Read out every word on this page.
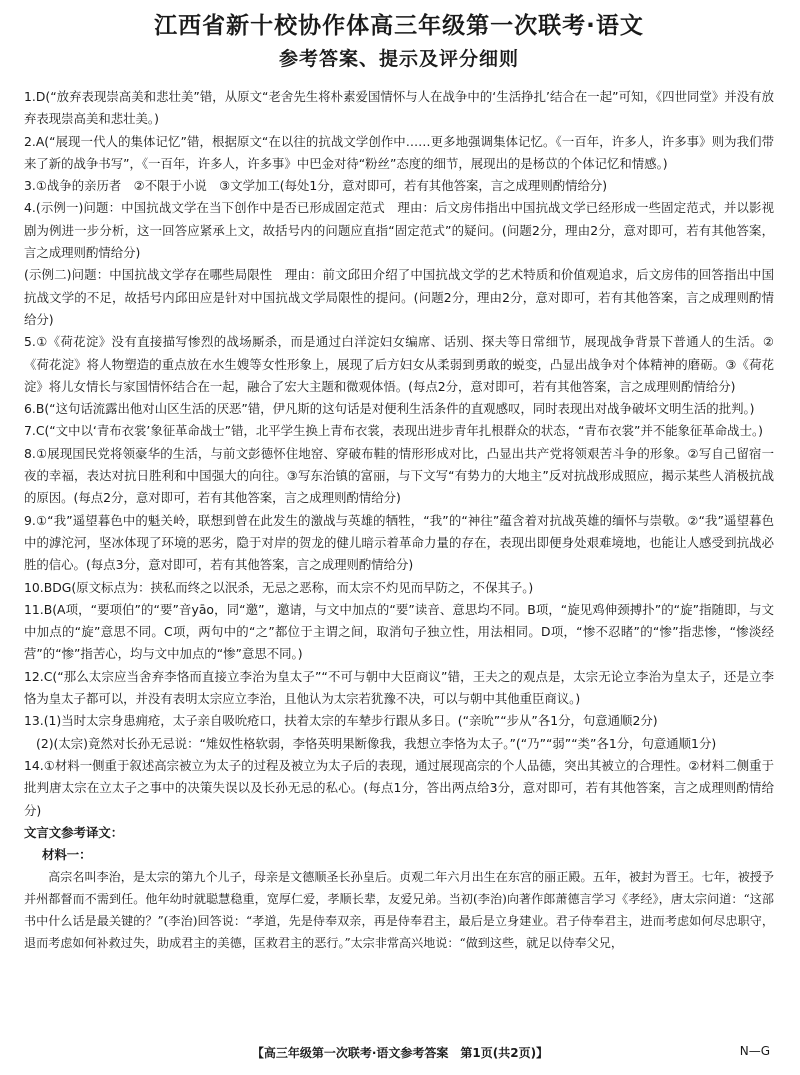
江西省新十校协作体高三年级第一次联考·语文
参考答案、提示及评分细则

1.D(“放弃表现崇高美和悲壮美”错，从原文“老舍先生将朴素爱国情怀与人在战争中的‘生活挣扎’结合在一起”可知，《四世同堂》并没有放弃表现崇高美和悲壮美。)

2.A(“展现一代人的集体记忆”错，根据原文“在以往的抗战文学创作中……更多地强调集体记忆。《一百年，许多人，许多事》则为我们带来了新的战争书写”，《一百年，许多人，许多事》中巴金对待“粉丝”态度的细节，展现出的是杨苡的个体记忆和情感。)

3.①战争的亲历者　②不限于小说　③文学加工(每处1分，意对即可，若有其他答案，言之成理则酌情给分)

4.(示例一)问题：中国抗战文学在当下创作中是否已形成固定范式　理由：后文房伟指出中国抗战文学已经形成一些固定范式，并以影视剧为例进一步分析，这一回答应紧承上文，故括号内的问题应直指“固定范式”的疑问。(问题2分，理由2分，意对即可，若有其他答案，言之成理则酌情给分)

(示例二)问题：中国抗战文学存在哪些局限性　理由：前文邱田介绍了中国抗战文学的艺术特质和价值观追求，后文房伟的回答指出中国抗战文学的不足，故括号内邱田应是针对中国抗战文学局限性的提问。(问题2分，理由2分，意对即可，若有其他答案，言之成理则酌情给分)

5.①《荷花淀》没有直接描写惨烈的战场厮杀，而是通过白洋淀妇女编席、话别、探夫等日常细节，展现战争背景下普通人的生活。②《荷花淀》将人物塑造的重点放在水生嫂等女性形象上，展现了后方妇女从柔弱到勇敢的蜕变，凸显出战争对个体精神的磨砺。③《荷花淀》将儿女情长与家国情怀结合在一起，融合了宏大主题和微观体悟。(每点2分，意对即可，若有其他答案，言之成理则酌情给分)

6.B(“这句话流露出他对山区生活的厌恶”错，伊凡斯的这句话是对便利生活条件的直观感叹，同时表现出对战争破坏文明生活的批判。)

7.C(“文中以‘青布衣裳’象征革命战士”错，北平学生换上青布衣裳，表现出进步青年扎根群众的状态，“青布衣裳”并不能象征革命战士。)

8.①展现国民党将领豪华的生活，与前文彭德怀住地窑、穿破布鞋的情形形成对比，凸显出共产党将领艰苦斗争的形象。②写自己留宿一夜的幸福，表达对抗日胜利和中国强大的向往。③写东治镇的富丽，与下文写“有势力的大地主”反对抗战形成照应，揭示某些人消极抗战的原因。(每点2分，意对即可，若有其他答案，言之成理则酌情给分)

9.①“我”遥望暮色中的魁关岭，联想到曾在此发生的激战与英雄的牺牲，“我”的“神往”蕴含着对抗战英雄的缅怀与崇敬。②“我”遥望暮色中的滹沱河，坚冰体现了环境的恶劣，隐于对岸的贺龙的健儿暗示着革命力量的存在，表现出即便身处艰难境地，也能让人感受到抗战必胜的信心。(每点3分，意对即可，若有其他答案，言之成理则酌情给分)

10.BDG(原文标点为：挟私而终之以泯杀，无忌之恶称，而太宗不灼见而早防之，不保其子。)

11.B(A项，“要项伯”的“要”音yāo，同“邀”，邀请，与文中加点的“要”读音、意思均不同。B项，“旋见鸡伸颈搏扑”的“旋”指随即，与文中加点的“旋”意思不同。C项，两句中的“之”都位于主谓之间，取消句子独立性，用法相同。D项，“惨不忍睹”的“惨”指悲惨，“惨淡经营”的“惨”指苦心，均与文中加点的“惨”意思不同。)

12.C(“那么太宗应当舍弃李恪而直接立李治为皇太子”“不可与朝中大臣商议”错，王夫之的观点是，太宗无论立李治为皇太子，还是立李恪为皇太子都可以，并没有表明太宗应立李治，且他认为太宗若犹豫不决，可以与朝中其他重臣商议。)

13.(1)当时太宗身患痈疮，太子亲自吸吮疮口，扶着太宗的车辇步行跟从多日。(“亲吮”“步从”各1分，句意通顺2分)

(2)(太宗)竟然对长孙无忌说：“雉奴性格软弱，李恪英明果断像我，我想立李恪为太子。”(“乃”“弱”“类”各1分，句意通顺1分)

14.①材料一侧重于叙述高宗被立为太子的过程及被立为太子后的表现，通过展现高宗的个人品德，突出其被立的合理性。②材料二侧重于批判唐太宗在立太子之事中的决策失误以及长孙无忌的私心。(每点1分，答出两点给3分，意对即可，若有其他答案，言之成理则酌情给分)

文言文参考译文：

材料一：

高宗名叫李治，是太宗的第九个儿子，母亲是文德顺圣长孙皇后。贞观二年六月出生在东宫的丽正殿。五年，被封为晋王。七年，被授予并州都督而不需到任。他年幼时就聪慧稳重，宽厚仁爱，孝顺长辈，友爱兄弟。当初(李治)向著作郎萧德言学习《孝经》，唐太宗问道：“这部书中什么话是最关键的？”(李治)回答说：“孝道，先是侍奉双亲，再是侍奉君主，最后是立身建业。君子侍奉君主，进而考虑如何尽忠职守，退而考虑如何补救过失，助成君主的美德，匡救君主的恶行。”太宗非常高兴地说：“做到这些，就足以侍奉父兄，

【高三年级第一次联考·语文参考答案　第1页(共2页)】	N—G
